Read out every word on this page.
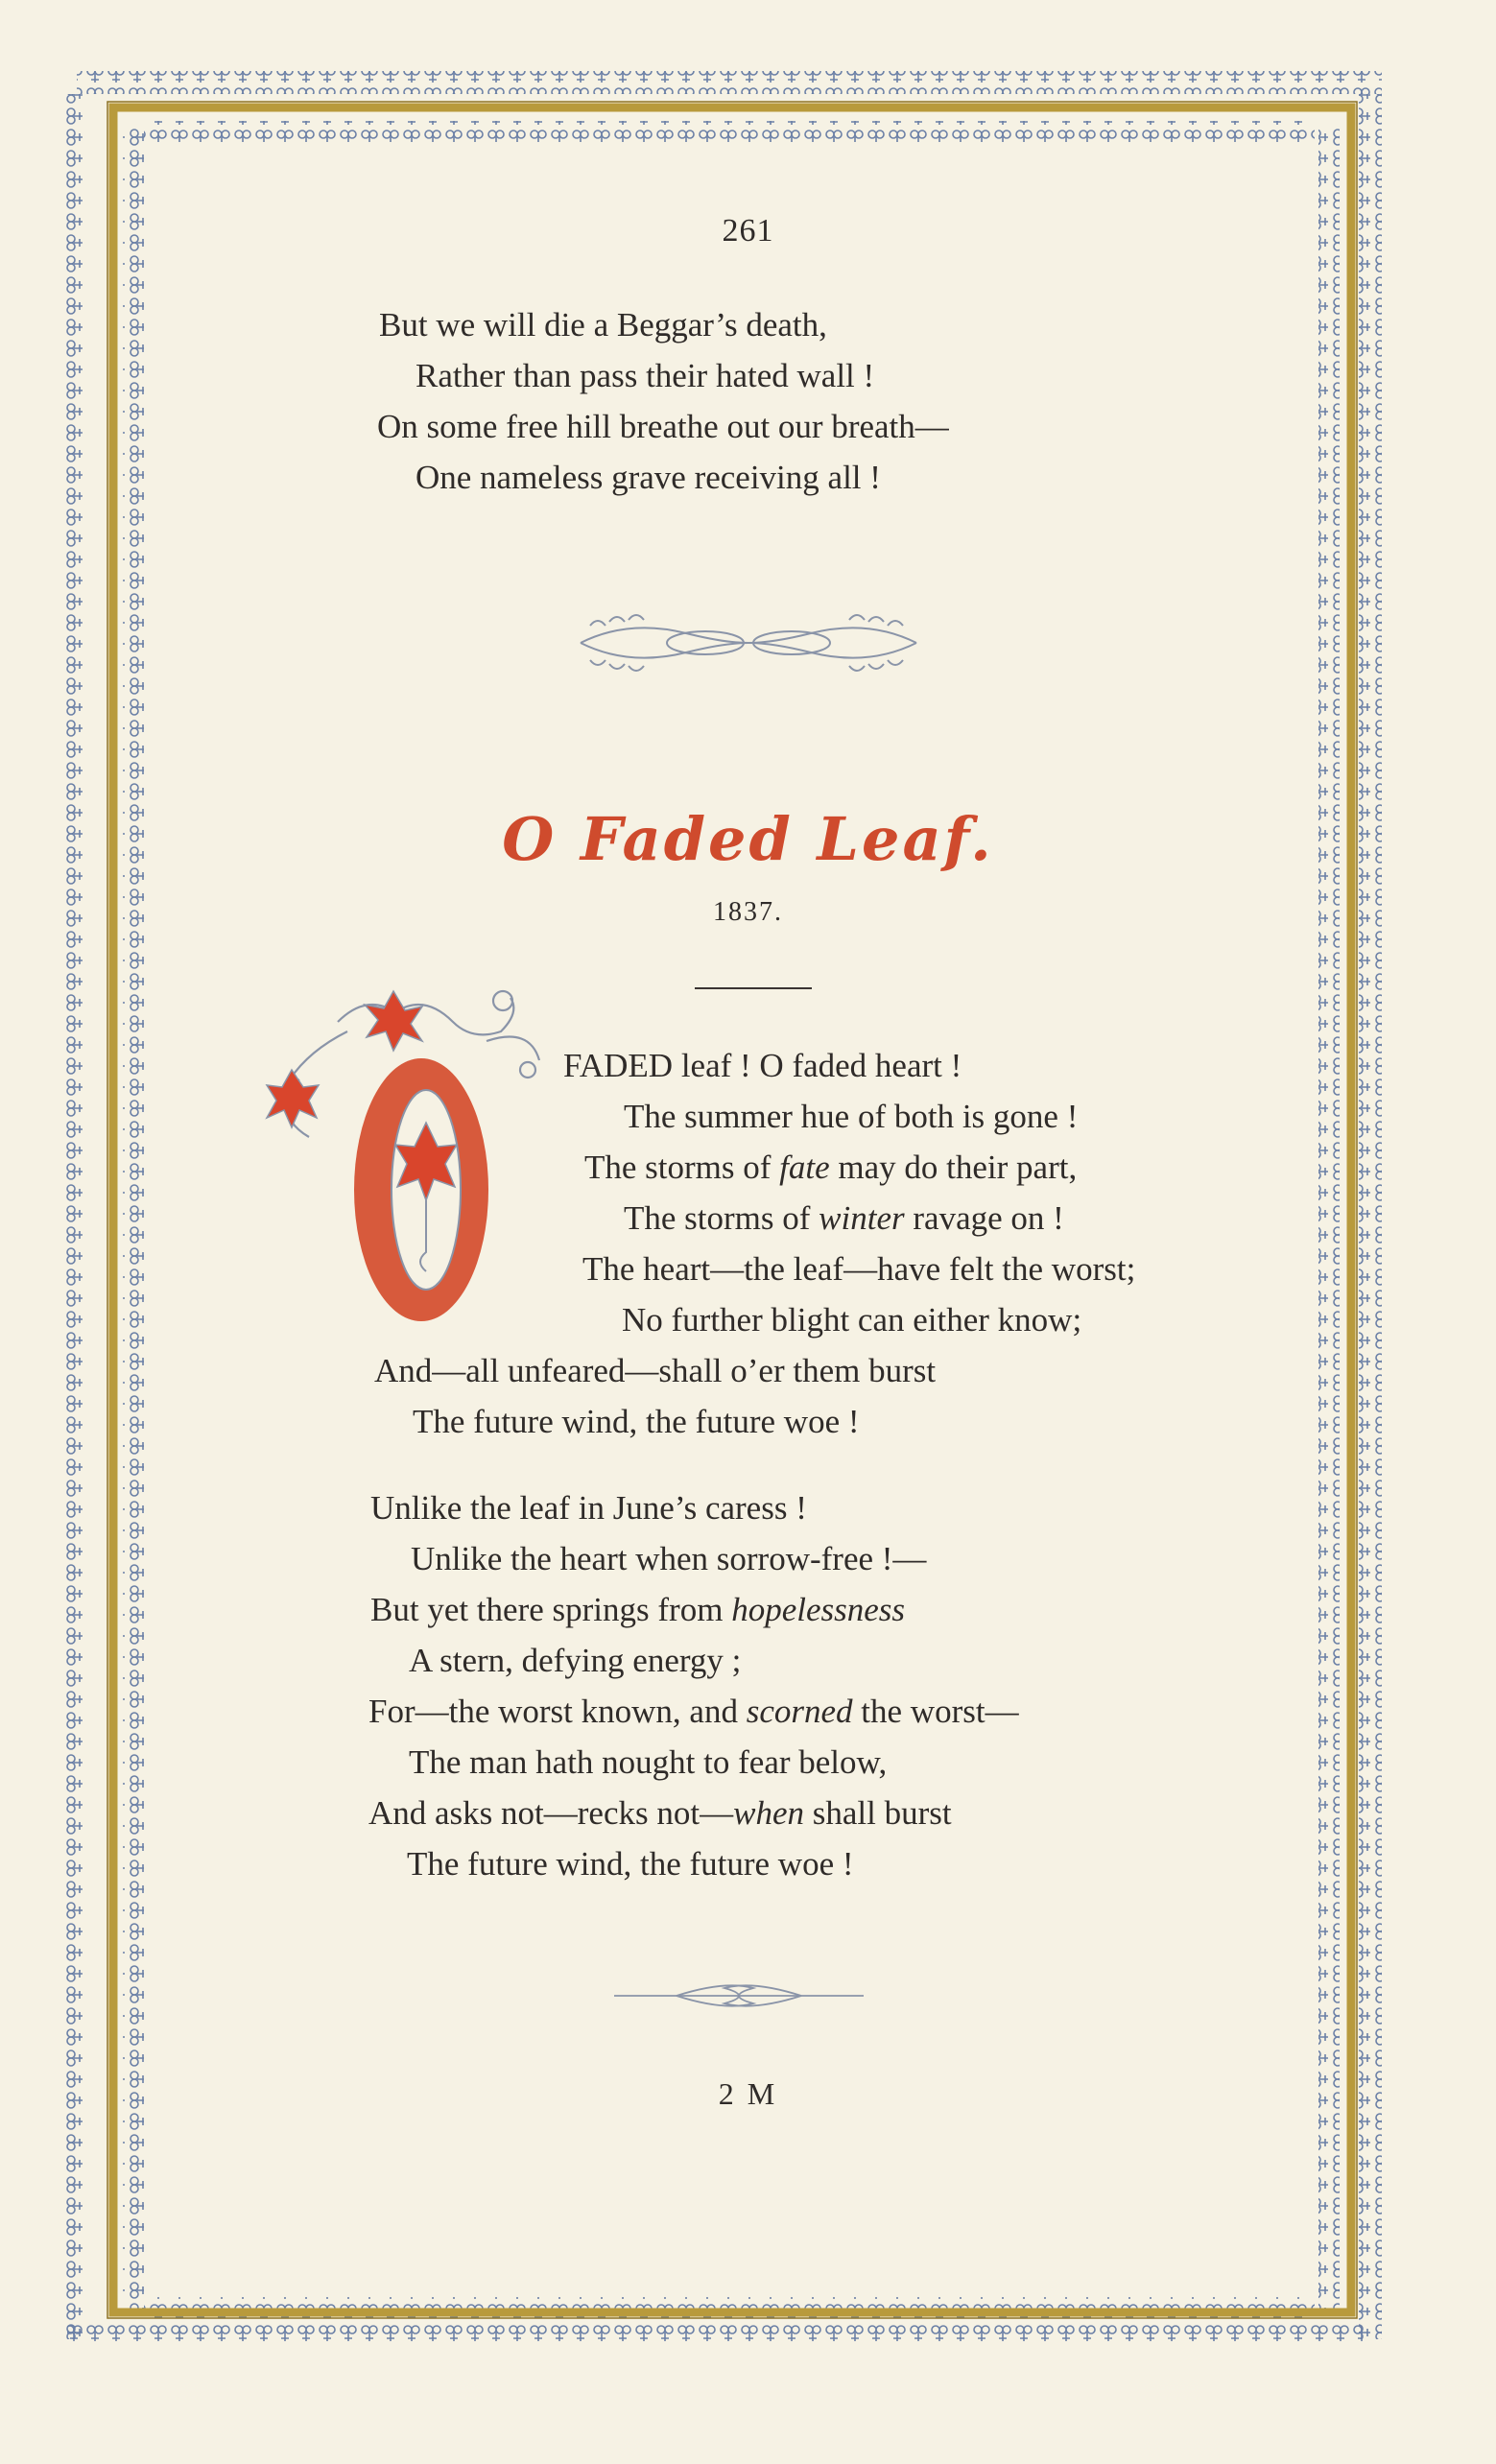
261
But we will die a Beggar’s death,
Rather than pass their hated wall !
On some free hill breathe out our breath—
One nameless grave receiving all !
O Faded Leaf.
1837.
FADED leaf ! O faded heart !
The summer hue of both is gone !
The storms of fate may do their part,
The storms of winter ravage on !
The heart—the leaf—have felt the worst;
No further blight can either know;
And—all unfeared—shall o’er them burst
The future wind, the future woe !
Unlike the leaf in June’s caress !
Unlike the heart when sorrow-free !—
But yet there springs from hopelessness
A stern, defying energy ;
For—the worst known, and scorned the worst—
The man hath nought to fear below,
And asks not—recks not—when shall burst
The future wind, the future woe !
2 M
